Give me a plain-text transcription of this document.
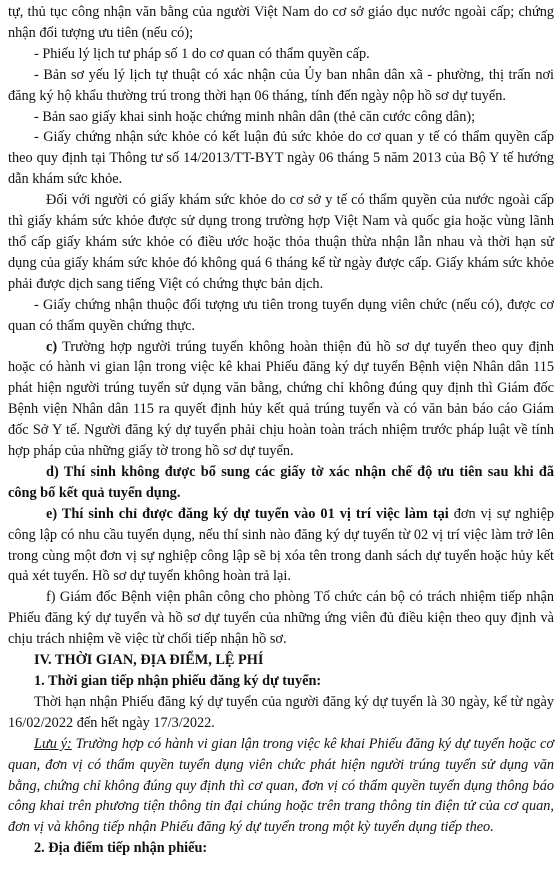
tự, thủ tục công nhận văn bằng của người Việt Nam do cơ sở giáo dục nước ngoài cấp; chứng nhận đối tượng ưu tiên (nếu có);

- Phiếu lý lịch tư pháp số 1 do cơ quan có thẩm quyền cấp.

- Bản sơ yếu lý lịch tự thuật có xác nhận của Ủy ban nhân dân xã - phường, thị trấn nơi đăng ký hộ khẩu thường trú trong thời hạn 06 tháng, tính đến ngày nộp hồ sơ dự tuyển.

- Bản sao giấy khai sinh hoặc chứng minh nhân dân (thẻ căn cước công dân);

- Giấy chứng nhận sức khỏe có kết luận đủ sức khỏe do cơ quan y tế có thẩm quyền cấp theo quy định tại Thông tư số 14/2013/TT-BYT ngày 06 tháng 5 năm 2013 của Bộ Y tế hướng dẫn khám sức khỏe.

Đối với người có giấy khám sức khỏe do cơ sở y tế có thẩm quyền của nước ngoài cấp thì giấy khám sức khỏe được sử dụng trong trường hợp Việt Nam và quốc gia hoặc vùng lãnh thổ cấp giấy khám sức khỏe có điều ước hoặc thỏa thuận thừa nhận lẫn nhau và thời hạn sử dụng của giấy khám sức khỏe đó không quá 6 tháng kể từ ngày được cấp. Giấy khám sức khỏe phải được dịch sang tiếng Việt có chứng thực bản dịch.

- Giấy chứng nhận thuộc đối tượng ưu tiên trong tuyển dụng viên chức (nếu có), được cơ quan có thẩm quyền chứng thực.

c) Trường hợp người trúng tuyển không hoàn thiện đủ hồ sơ dự tuyển theo quy định hoặc có hành vi gian lận trong việc kê khai Phiếu đăng ký dự tuyển Bệnh viện Nhân dân 115 phát hiện người trúng tuyển sử dụng văn bằng, chứng chỉ không đúng quy định thì Giám đốc Bệnh viện Nhân dân 115 ra quyết định hủy kết quả trúng tuyển và có văn bản báo cáo Giám đốc Sở Y tế. Người đăng ký dự tuyển phải chịu hoàn toàn trách nhiệm trước pháp luật về tính hợp pháp của những giấy tờ trong hồ sơ dự tuyển.

d) Thí sinh không được bổ sung các giấy tờ xác nhận chế độ ưu tiên sau khi đã công bố kết quả tuyển dụng.

e) Thí sinh chỉ được đăng ký dự tuyển vào 01 vị trí việc làm tại đơn vị sự nghiệp công lập có nhu cầu tuyển dụng, nếu thí sinh nào đăng ký dự tuyển từ 02 vị trí việc làm trở lên trong cùng một đơn vị sự nghiệp công lập sẽ bị xóa tên trong danh sách dự tuyển hoặc hủy kết quả xét tuyển. Hồ sơ dự tuyển không hoàn trả lại.

f) Giám đốc Bệnh viện phân công cho phòng Tổ chức cán bộ có trách nhiệm tiếp nhận Phiếu đăng ký dự tuyển và hồ sơ dự tuyển của những ứng viên đủ điều kiện theo quy định và chịu trách nhiệm về việc từ chối tiếp nhận hồ sơ.

IV. THỜI GIAN, ĐỊA ĐIỂM, LỆ PHÍ

1. Thời gian tiếp nhận phiếu đăng ký dự tuyển:

Thời hạn nhận Phiếu đăng ký dự tuyển của người đăng ký dự tuyển là 30 ngày, kể từ ngày 16/02/2022 đến hết ngày 17/3/2022.

Lưu ý: Trường hợp có hành vi gian lận trong việc kê khai Phiếu đăng ký dự tuyển hoặc cơ quan, đơn vị có thẩm quyền tuyển dụng viên chức phát hiện người trúng tuyển sử dụng văn bằng, chứng chỉ không đúng quy định thì cơ quan, đơn vị có thẩm quyền tuyển dụng thông báo công khai trên phương tiện thông tin đại chúng hoặc trên trang thông tin điện tử của cơ quan, đơn vị và không tiếp nhận Phiếu đăng ký dự tuyển trong một kỳ tuyển dụng tiếp theo.

2. Địa điểm tiếp nhận phiếu:
